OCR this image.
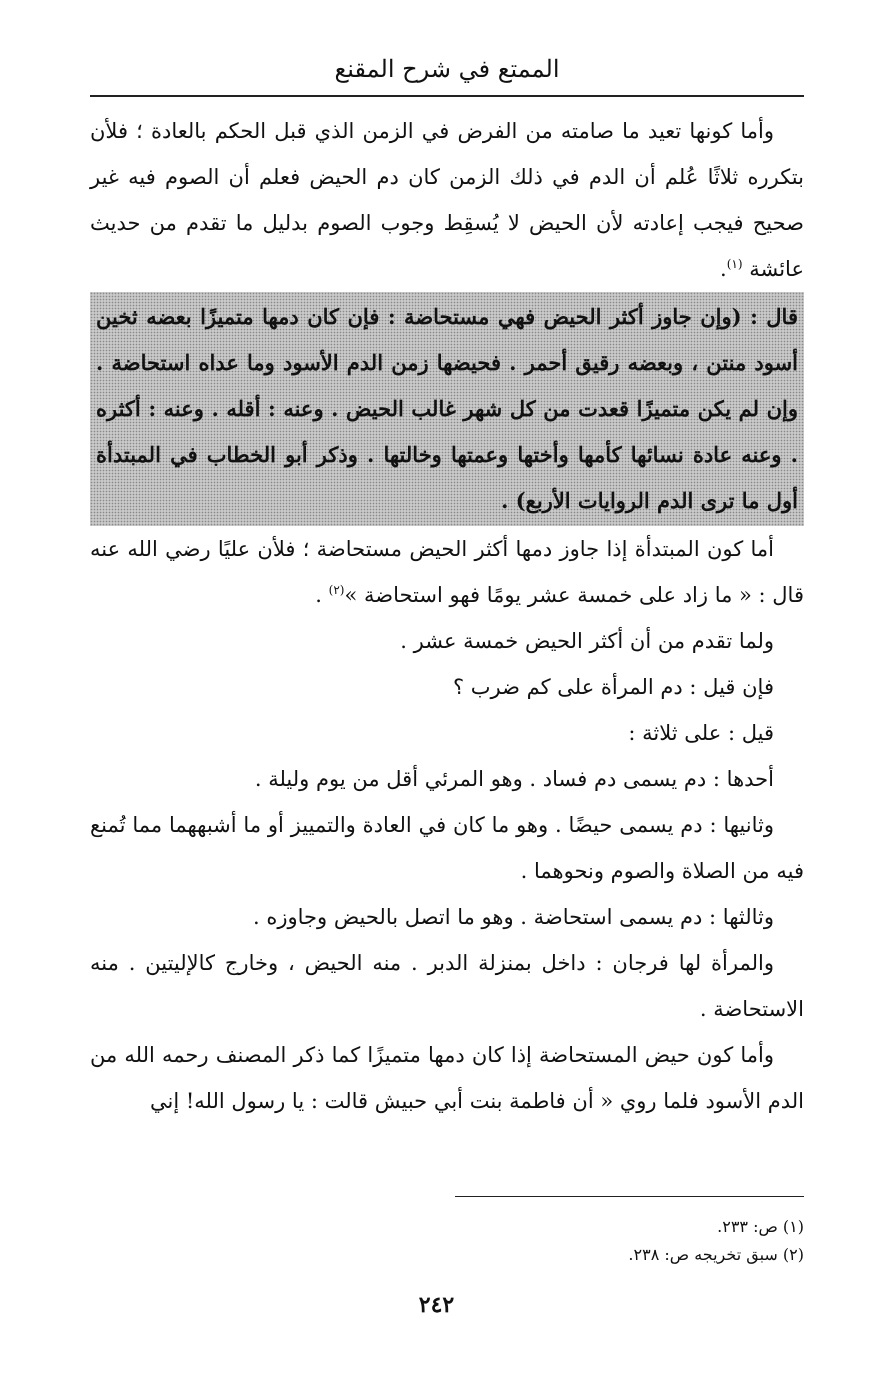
الممتع في شرح المقنع

وأما كونها تعيد ما صامته من الفرض في الزمن الذي قبل الحكم بالعادة ؛ فلأن بتكرره ثلاثًا عُلم أن الدم في ذلك الزمن كان دم الحيض فعلم أن الصوم فيه غير صحيح فيجب إعادته لأن الحيض لا يُسقِط وجوب الصوم بدليل ما تقدم من حديث عائشة $^{(١)}$.

قال : (وإن جاوز أكثر الحيض فهي مستحاضة : فإن كان دمها متميزًا بعضه ثخين أسود منتن ، وبعضه رقيق أحمر . فحيضها زمن الدم الأسود وما عداه استحاضة . وإن لم يكن متميزًا قعدت من كل شهر غالب الحيض . وعنه : أقله . وعنه : أكثره . وعنه عادة نسائها كأمها وأختها وعمتها وخالتها . وذكر أبو الخطاب في المبتدأة أول ما ترى الدم الروايات الأربع) .

أما كون المبتدأة إذا جاوز دمها أكثر الحيض مستحاضة ؛ فلأن عليًا رضي الله عنه قال : « ما زاد على خمسة عشر يومًا فهو استحاضة »$^{(٢)}$ .

ولما تقدم من أن أكثر الحيض خمسة عشر .

فإن قيل : دم المرأة على كم ضرب ؟

قيل : على ثلاثة :

أحدها : دم يسمى دم فساد . وهو المرئي أقل من يوم وليلة .

وثانيها : دم يسمى حيضًا . وهو ما كان في العادة والتمييز أو ما أشبههما مما تُمنع فيه من الصلاة والصوم ونحوهما .

وثالثها : دم يسمى استحاضة . وهو ما اتصل بالحيض وجاوزه .

والمرأة لها فرجان : داخل بمنزلة الدبر . منه الحيض ، وخارج كالإليتين . منه الاستحاضة .

وأما كون حيض المستحاضة إذا كان دمها متميزًا كما ذكر المصنف رحمه الله من الدم الأسود فلما روي « أن فاطمة بنت أبي حبيش قالت : يا رسول الله! إني

(١) ص: ٢٣٣.

(٢) سبق تخريجه ص: ٢٣٨.

٢٤٢
